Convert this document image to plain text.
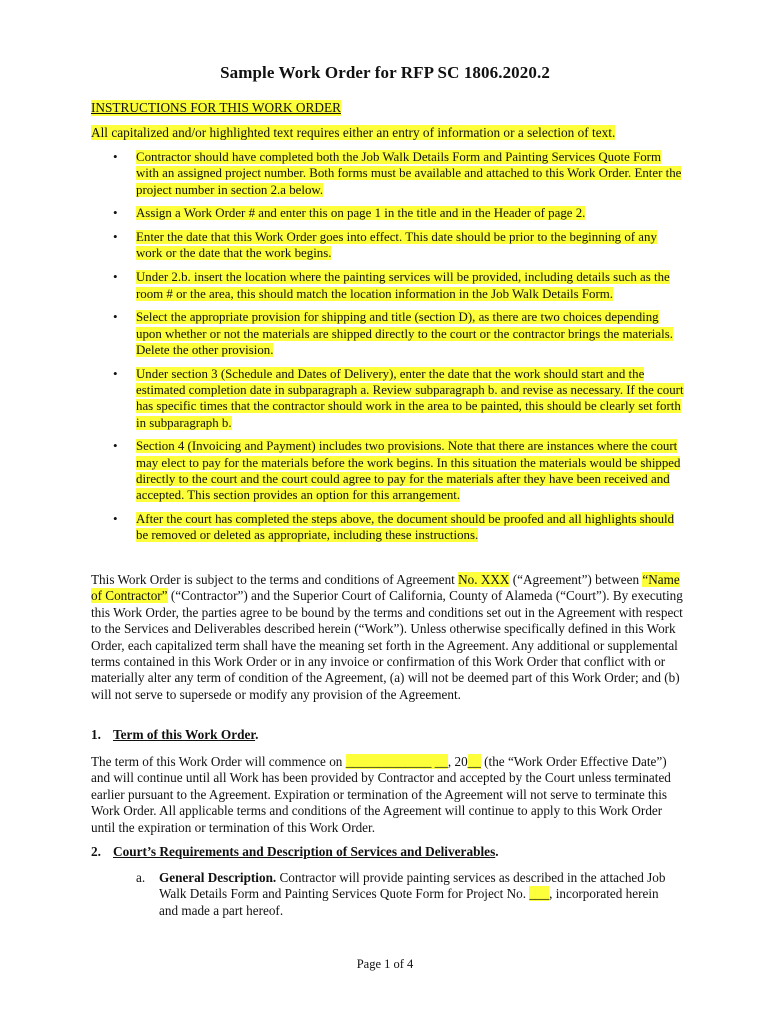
Sample Work Order for RFP SC 1806.2020.2
INSTRUCTIONS FOR THIS WORK ORDER
All capitalized and/or highlighted text requires either an entry of information or a selection of text.
• Contractor should have completed both the Job Walk Details Form and Painting Services Quote Form with an assigned project number. Both forms must be available and attached to this Work Order. Enter the project number in section 2.a below.
• Assign a Work Order # and enter this on page 1 in the title and in the Header of page 2.
• Enter the date that this Work Order goes into effect. This date should be prior to the beginning of any work or the date that the work begins.
• Under 2.b. insert the location where the painting services will be provided, including details such as the room # or the area, this should match the location information in the Job Walk Details Form.
• Select the appropriate provision for shipping and title (section D), as there are two choices depending upon whether or not the materials are shipped directly to the court or the contractor brings the materials. Delete the other provision.
• Under section 3 (Schedule and Dates of Delivery), enter the date that the work should start and the estimated completion date in subparagraph a. Review subparagraph b. and revise as necessary. If the court has specific times that the contractor should work in the area to be painted, this should be clearly set forth in subparagraph b.
• Section 4 (Invoicing and Payment) includes two provisions. Note that there are instances where the court may elect to pay for the materials before the work begins. In this situation the materials would be shipped directly to the court and the court could agree to pay for the materials after they have been received and accepted. This section provides an option for this arrangement.
• After the court has completed the steps above, the document should be proofed and all highlights should be removed or deleted as appropriate, including these instructions.
This Work Order is subject to the terms and conditions of Agreement No. XXX (“Agreement”) between “Name of Contractor” (“Contractor”) and the Superior Court of California, County of Alameda (“Court”). By executing this Work Order, the parties agree to be bound by the terms and conditions set out in the Agreement with respect to the Services and Deliverables described herein (“Work”). Unless otherwise specifically defined in this Work Order, each capitalized term shall have the meaning set forth in the Agreement. Any additional or supplemental terms contained in this Work Order or in any invoice or confirmation of this Work Order that conflict with or materially alter any term of condition of the Agreement, (a) will not be deemed part of this Work Order; and (b) will not serve to supersede or modify any provision of the Agreement.
1. Term of this Work Order.
The term of this Work Order will commence on _____________ __, 20__ (the “Work Order Effective Date”) and will continue until all Work has been provided by Contractor and accepted by the Court unless terminated earlier pursuant to the Agreement. Expiration or termination of the Agreement will not serve to terminate this Work Order. All applicable terms and conditions of the Agreement will continue to apply to this Work Order until the expiration or termination of this Work Order.
2. Court’s Requirements and Description of Services and Deliverables.
a. General Description. Contractor will provide painting services as described in the attached Job Walk Details Form and Painting Services Quote Form for Project No. ___, incorporated herein and made a part hereof.
Page 1 of 4
